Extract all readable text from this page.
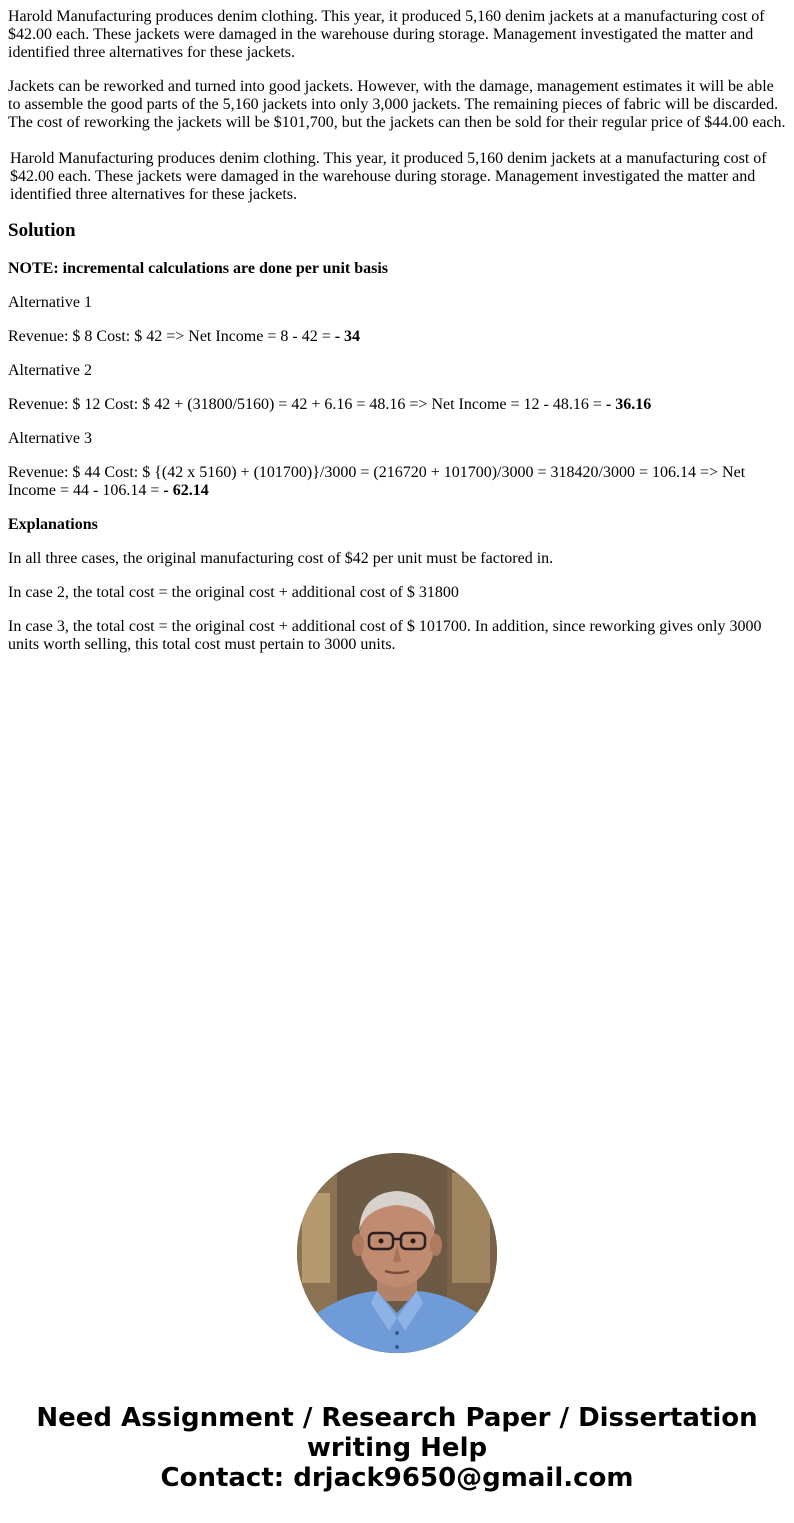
Harold Manufacturing produces denim clothing. This year, it produced 5,160 denim jackets at a manufacturing cost of $42.00 each. These jackets were damaged in the warehouse during storage. Management investigated the matter and identified three alternatives for these jackets.

Jackets can be reworked and turned into good jackets. However, with the damage, management estimates it will be able to assemble the good parts of the 5,160 jackets into only 3,000 jackets. The remaining pieces of fabric will be discarded. The cost of reworking the jackets will be $101,700, but the jackets can then be sold for their regular price of $44.00 each.

Harold Manufacturing produces denim clothing. This year, it produced 5,160 denim jackets at a manufacturing cost of $42.00 each. These jackets were damaged in the warehouse during storage. Management investigated the matter and identified three alternatives for these jackets.

Solution

NOTE: incremental calculations are done per unit basis

Alternative 1

Revenue: $ 8 Cost: $ 42 => Net Income = 8 - 42 = - 34

Alternative 2

Revenue: $ 12 Cost: $ 42 + (31800/5160) = 42 + 6.16 = 48.16 => Net Income = 12 - 48.16 = - 36.16

Alternative 3

Revenue: $ 44 Cost: $ {(42 x 5160) + (101700)}/3000 = (216720 + 101700)/3000 = 318420/3000 = 106.14 => Net Income = 44 - 106.14 = - 62.14

Explanations

In all three cases, the original manufacturing cost of $42 per unit must be factored in.

In case 2, the total cost = the original cost + additional cost of $ 31800

In case 3, the total cost = the original cost + additional cost of $ 101700. In addition, since reworking gives only 3000 units worth selling, this total cost must pertain to 3000 units.

Need Assignment / Research Paper / Dissertation writing Help
Contact: drjack9650@gmail.com
